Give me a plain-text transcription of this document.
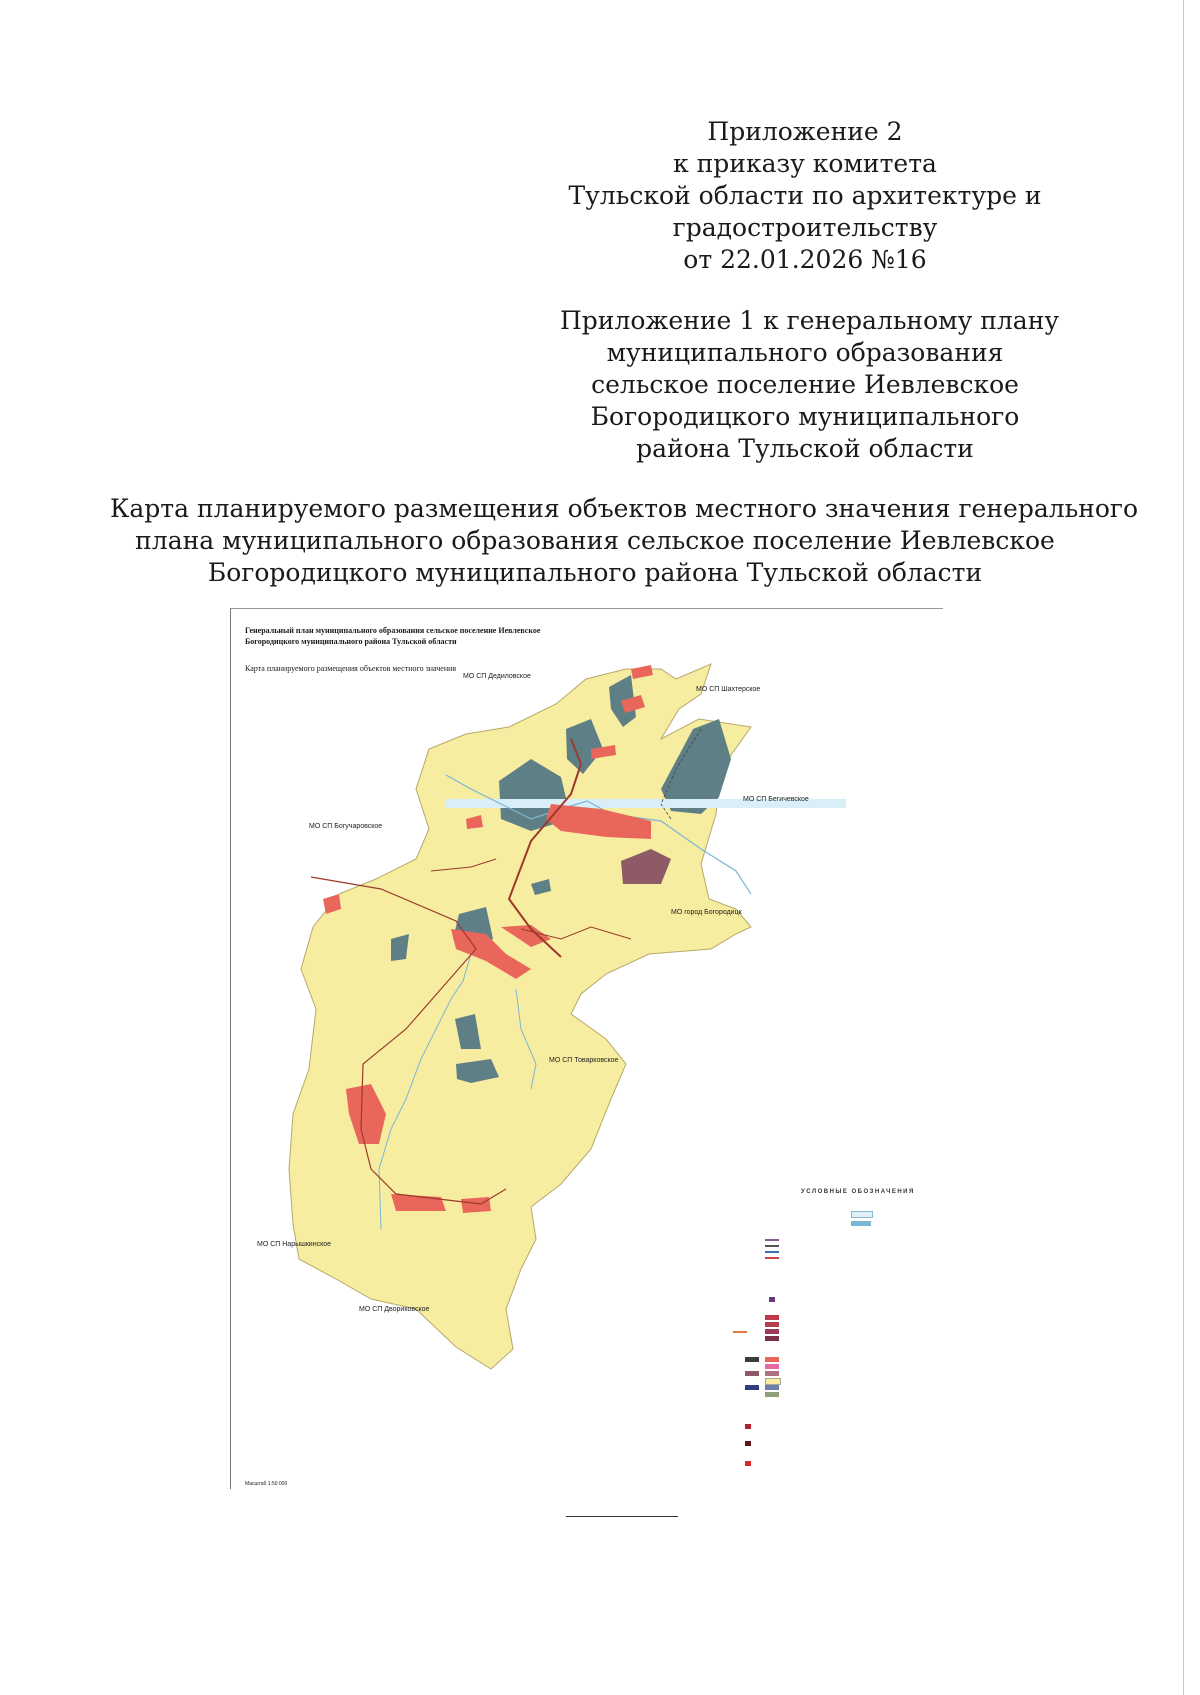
Приложение 2
к приказу комитета
Тульской области по архитектуре и
градостроительству
от 22.01.2026 №16
Приложение 1 к генеральному плану
муниципального образования
сельское поселение Иевлевское
Богородицкого муниципального
района Тульской области
Карта планируемого размещения объектов местного значения генерального
плана муниципального образования сельское поселение Иевлевское
Богородицкого муниципального района Тульской области
Генеральный план муниципального образования сельское поселение Иевлевское
Богородицкого муниципального района Тульской области
Карта планируемого размещения объектов местного значения
МО СП Дедиловское
МО СП Шахтерское
МО СП Бегичевское
МО СП Богучаровское
МО город Богородицк
МО СП Товарковское
МО СП Нарышкинское
МО СП Двориковское
УСЛОВНЫЕ ОБОЗНАЧЕНИЯ
Масштаб 1:50 000
